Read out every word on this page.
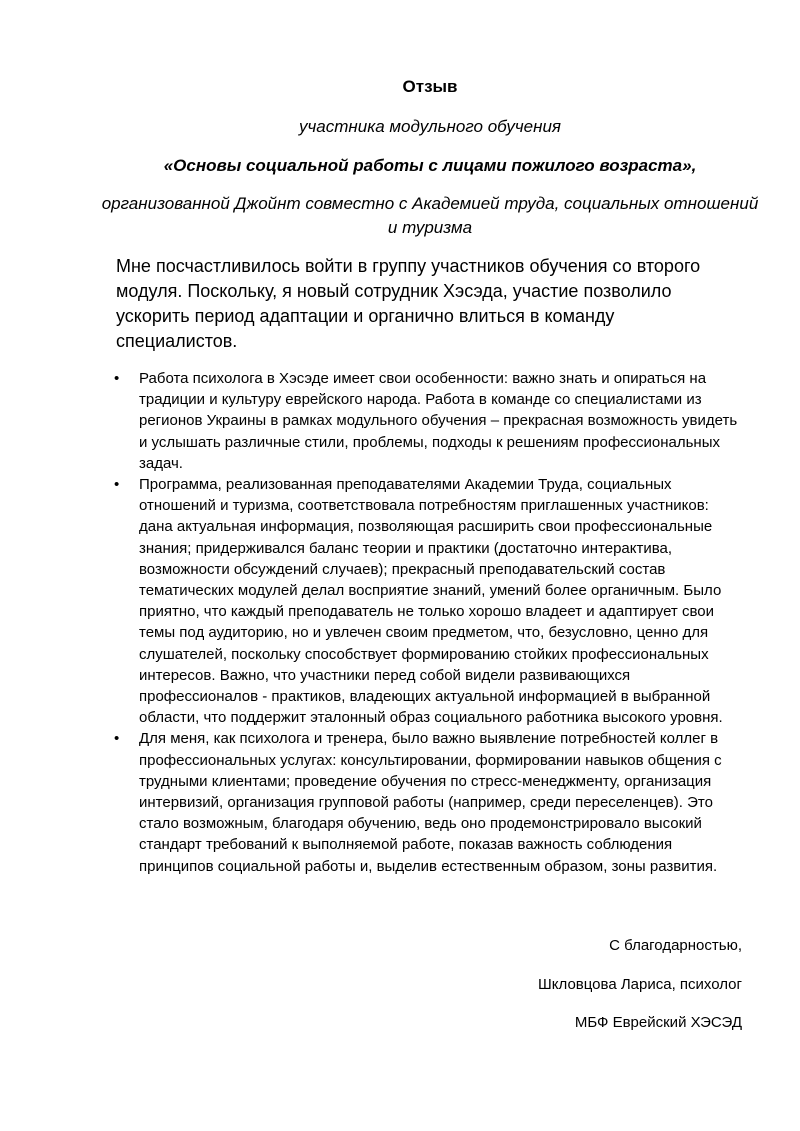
Отзыв
участника модульного обучения
«Основы социальной работы с лицами пожилого возраста»,
организованной Джойнт совместно с Академией труда, социальных отношений и туризма
Мне посчастливилось войти в группу участников обучения со второго модуля. Поскольку, я новый сотрудник Хэсэда, участие позволило ускорить период адаптации и органично влиться в команду специалистов.
• Работа психолога в Хэсэде имеет свои особенности: важно знать и опираться на традиции и культуру еврейского народа. Работа в команде со специалистами из регионов Украины в рамках модульного обучения – прекрасная возможность увидеть и услышать различные стили, проблемы, подходы к решениям профессиональных задач.
• Программа, реализованная преподавателями Академии Труда, социальных отношений и туризма, соответствовала потребностям приглашенных участников: дана актуальная информация, позволяющая расширить свои профессиональные знания; придерживался баланс теории и практики (достаточно интерактива, возможности обсуждений случаев); прекрасный преподавательский состав тематических модулей делал восприятие знаний, умений более органичным. Было приятно, что каждый преподаватель не только хорошо владеет и адаптирует свои темы под аудиторию, но и увлечен своим предметом, что, безусловно, ценно для слушателей, поскольку способствует формированию стойких профессиональных интересов. Важно, что участники перед собой видели развивающихся профессионалов - практиков, владеющих актуальной информацией в выбранной области, что поддержит эталонный образ социального работника высокого уровня.
• Для меня, как психолога и тренера, было важно выявление потребностей коллег в профессиональных услугах: консультировании, формировании навыков общения с трудными клиентами; проведение обучения по стресс-менеджменту, организация интервизий, организация групповой работы (например, среди переселенцев). Это стало возможным, благодаря обучению, ведь оно продемонстрировало высокий стандарт требований к выполняемой работе, показав важность соблюдения принципов социальной работы и, выделив естественным образом, зоны развития.
С благодарностью,
Шкловцова Лариса, психолог
МБФ Еврейский ХЭСЭД
